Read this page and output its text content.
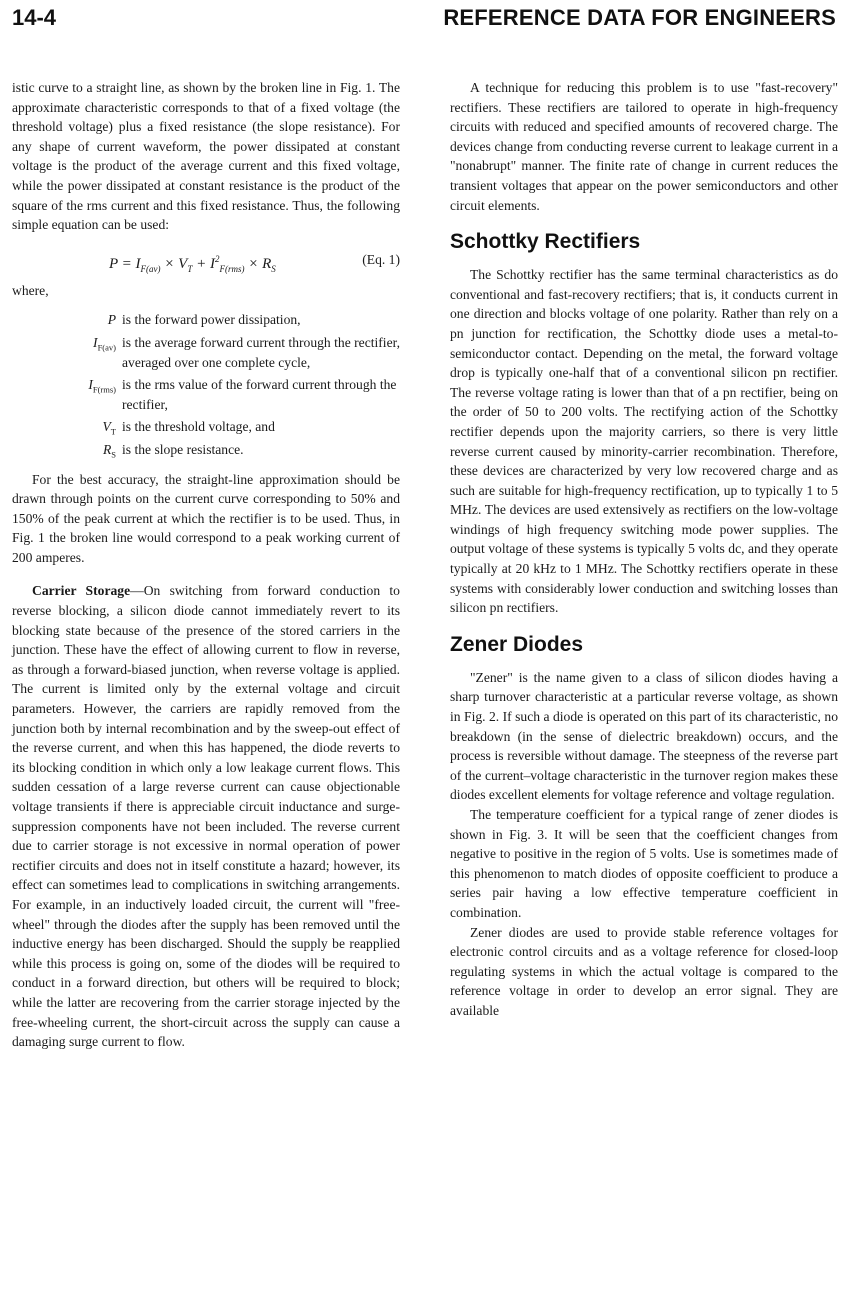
14-4	REFERENCE DATA FOR ENGINEERS

istic curve to a straight line, as shown by the broken line in Fig. 1. The approximate characteristic corresponds to that of a fixed voltage (the threshold voltage) plus a fixed resistance (the slope resistance). For any shape of current waveform, the power dissipated at constant voltage is the product of the average current and this fixed voltage, while the power dissipated at constant resistance is the product of the square of the rms current and this fixed resistance. Thus, the following simple equation can be used:

$P = I_{F(av)} \times V_T + I^2_{F(rms)} \times R_S$
(Eq. 1)

where,

P is the forward power dissipation,
$I_{F(av)}$ is the average forward current through the rectifier, averaged over one complete cycle,
$I_{F(rms)}$ is the rms value of the forward current through the rectifier,
$V_T$ is the threshold voltage, and
$R_S$ is the slope resistance.

For the best accuracy, the straight-line approximation should be drawn through points on the current curve corresponding to 50% and 150% of the peak current at which the rectifier is to be used. Thus, in Fig. 1 the broken line would correspond to a peak working current of 200 amperes.

Carrier Storage—On switching from forward conduction to reverse blocking, a silicon diode cannot immediately revert to its blocking state because of the presence of the stored carriers in the junction. These have the effect of allowing current to flow in reverse, as through a forward-biased junction, when reverse voltage is applied. The current is limited only by the external voltage and circuit parameters. However, the carriers are rapidly removed from the junction both by internal recombination and by the sweep-out effect of the reverse current, and when this has happened, the diode reverts to its blocking condition in which only a low leakage current flows. This sudden cessation of a large reverse current can cause objectionable voltage transients if there is appreciable circuit inductance and surge-suppression components have not been included. The reverse current due to carrier storage is not excessive in normal operation of power rectifier circuits and does not in itself constitute a hazard; however, its effect can sometimes lead to complications in switching arrangements. For example, in an inductively loaded circuit, the current will "free-wheel" through the diodes after the supply has been removed until the inductive energy has been discharged. Should the supply be reapplied while this process is going on, some of the diodes will be required to conduct in a forward direction, but others will be required to block; while the latter are recovering from the carrier storage injected by the free-wheeling current, the short-circuit across the supply can cause a damaging surge current to flow.

A technique for reducing this problem is to use "fast-recovery" rectifiers. These rectifiers are tailored to operate in high-frequency circuits with reduced and specified amounts of recovered charge. The devices change from conducting reverse current to leakage current in a "nonabrupt" manner. The finite rate of change in current reduces the transient voltages that appear on the power semiconductors and other circuit elements.

Schottky Rectifiers

The Schottky rectifier has the same terminal characteristics as do conventional and fast-recovery rectifiers; that is, it conducts current in one direction and blocks voltage of one polarity. Rather than rely on a pn junction for rectification, the Schottky diode uses a metal-to-semiconductor contact. Depending on the metal, the forward voltage drop is typically one-half that of a conventional silicon pn rectifier. The reverse voltage rating is lower than that of a pn rectifier, being on the order of 50 to 200 volts. The rectifying action of the Schottky rectifier depends upon the majority carriers, so there is very little reverse current caused by minority-carrier recombination. Therefore, these devices are characterized by very low recovered charge and as such are suitable for high-frequency rectification, up to typically 1 to 5 MHz. The devices are used extensively as rectifiers on the low-voltage windings of high frequency switching mode power supplies. The output voltage of these systems is typically 5 volts dc, and they operate typically at 20 kHz to 1 MHz. The Schottky rectifiers operate in these systems with considerably lower conduction and switching losses than silicon pn rectifiers.

Zener Diodes

"Zener" is the name given to a class of silicon diodes having a sharp turnover characteristic at a particular reverse voltage, as shown in Fig. 2. If such a diode is operated on this part of its characteristic, no breakdown (in the sense of dielectric breakdown) occurs, and the process is reversible without damage. The steepness of the reverse part of the current–voltage characteristic in the turnover region makes these diodes excellent elements for voltage reference and voltage regulation.

The temperature coefficient for a typical range of zener diodes is shown in Fig. 3. It will be seen that the coefficient changes from negative to positive in the region of 5 volts. Use is sometimes made of this phenomenon to match diodes of opposite coefficient to produce a series pair having a low effective temperature coefficient in combination.

Zener diodes are used to provide stable reference voltages for electronic control circuits and as a voltage reference for closed-loop regulating systems in which the actual voltage is compared to the reference voltage in order to develop an error signal. They are available
